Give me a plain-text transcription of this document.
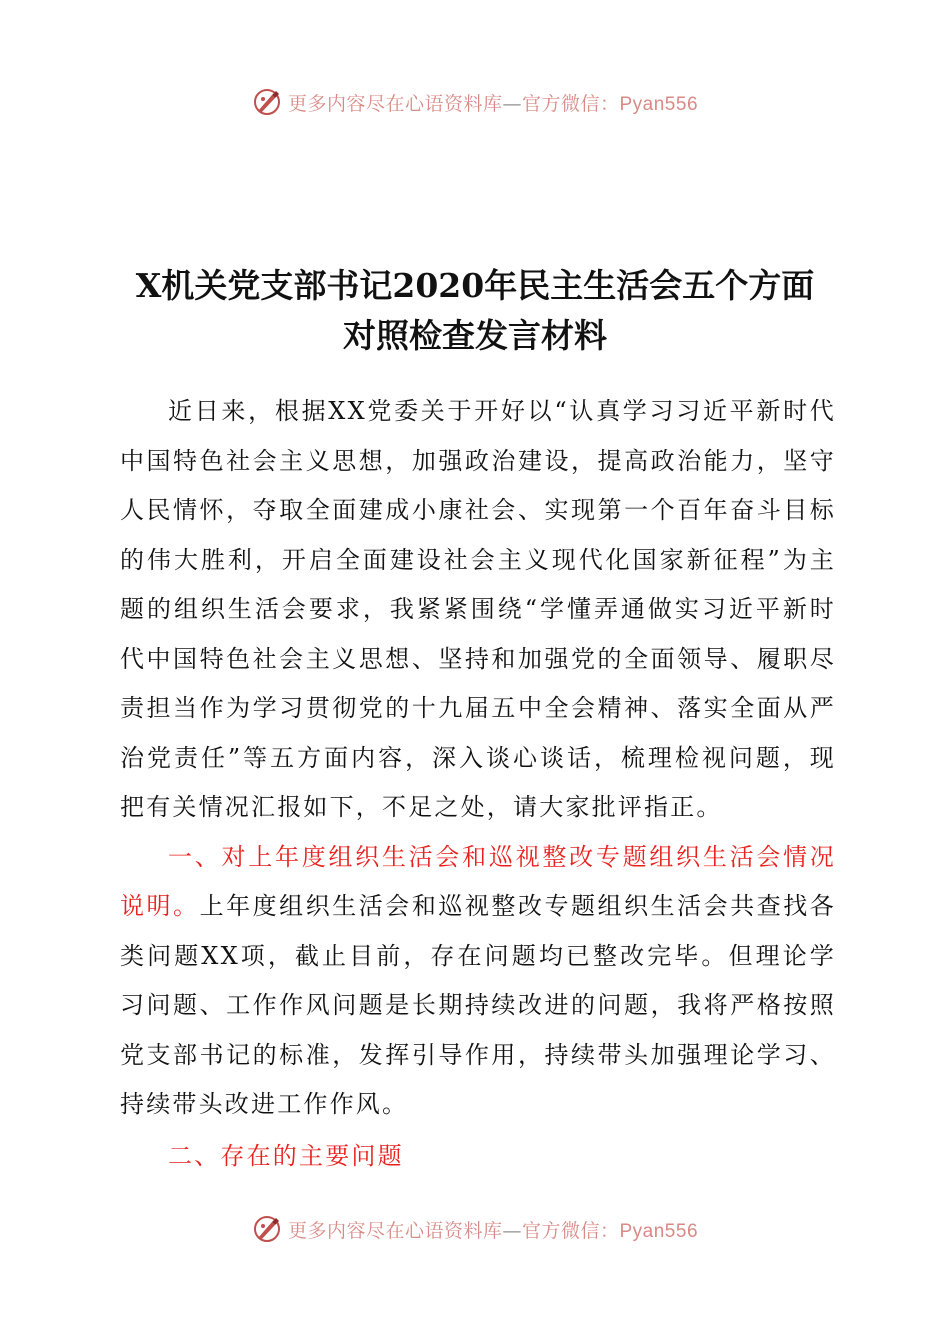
更多内容尽在心语资料库—官方微信：Pyan556
X机关党支部书记2020年民主生活会五个方面
对照检查发言材料

近日来，根据XX党委关于开好以“认真学习习近平新时代中国特色社会主义思想，加强政治建设，提高政治能力，坚守人民情怀，夺取全面建成小康社会、实现第一个百年奋斗目标的伟大胜利，开启全面建设社会主义现代化国家新征程”为主题的组织生活会要求，我紧紧围绕“学懂弄通做实习近平新时代中国特色社会主义思想、坚持和加强党的全面领导、履职尽责担当作为学习贯彻党的十九届五中全会精神、落实全面从严治党责任”等五方面内容，深入谈心谈话，梳理检视问题，现把有关情况汇报如下，不足之处，请大家批评指正。

一、对上年度组织生活会和巡视整改专题组织生活会情况说明。上年度组织生活会和巡视整改专题组织生活会共查找各类问题XX项，截止目前，存在问题均已整改完毕。但理论学习问题、工作作风问题是长期持续改进的问题，我将严格按照党支部书记的标准，发挥引导作用，持续带头加强理论学习、持续带头改进工作作风。

二、存在的主要问题

更多内容尽在心语资料库—官方微信：Pyan556
